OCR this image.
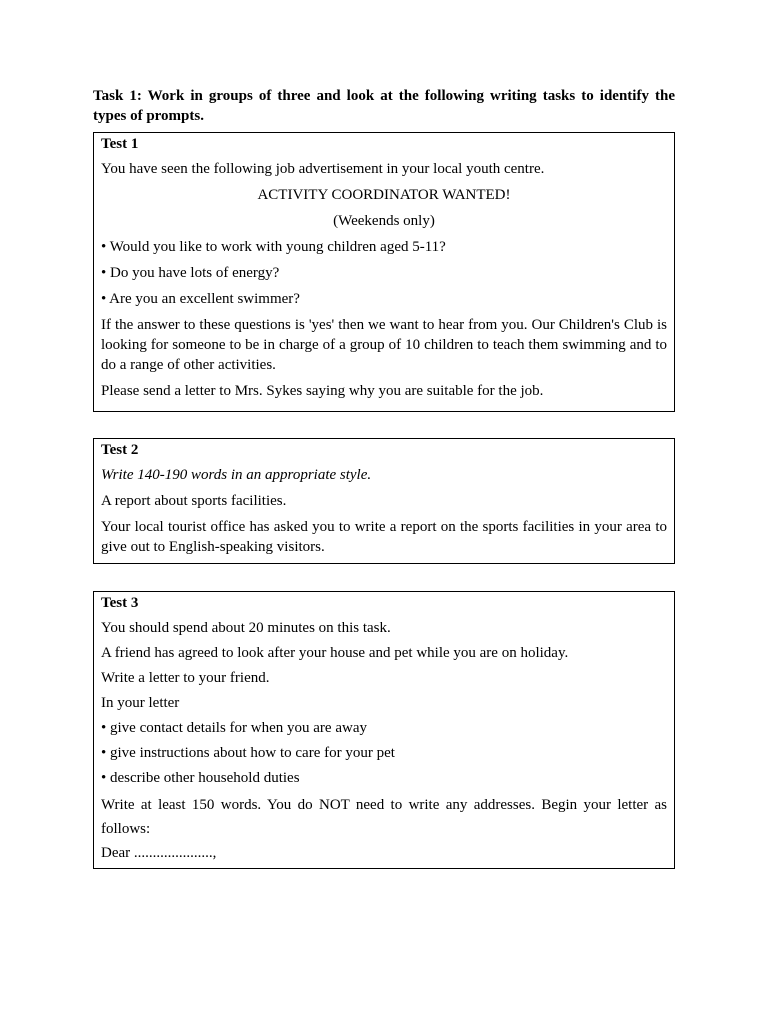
Task 1: Work in groups of three and look at the following writing tasks to identify the types of prompts.

Test 1

You have seen the following job advertisement in your local youth centre.

ACTIVITY COORDINATOR WANTED!

(Weekends only)

• Would you like to work with young children aged 5-11?

• Do you have lots of energy?

• Are you an excellent swimmer?

If the answer to these questions is 'yes' then we want to hear from you. Our Children's Club is looking for someone to be in charge of a group of 10 children to teach them swimming and to do a range of other activities.

Please send a letter to Mrs. Sykes saying why you are suitable for the job.

Test 2

Write 140-190 words in an appropriate style.

A report about sports facilities.

Your local tourist office has asked you to write a report on the sports facilities in your area to give out to English-speaking visitors.

Test 3

You should spend about 20 minutes on this task.

A friend has agreed to look after your house and pet while you are on holiday.

Write a letter to your friend.

In your letter

• give contact details for when you are away

• give instructions about how to care for your pet

• describe other household duties

Write at least 150 words. You do NOT need to write any addresses. Begin your letter as follows:

Dear .....................,
